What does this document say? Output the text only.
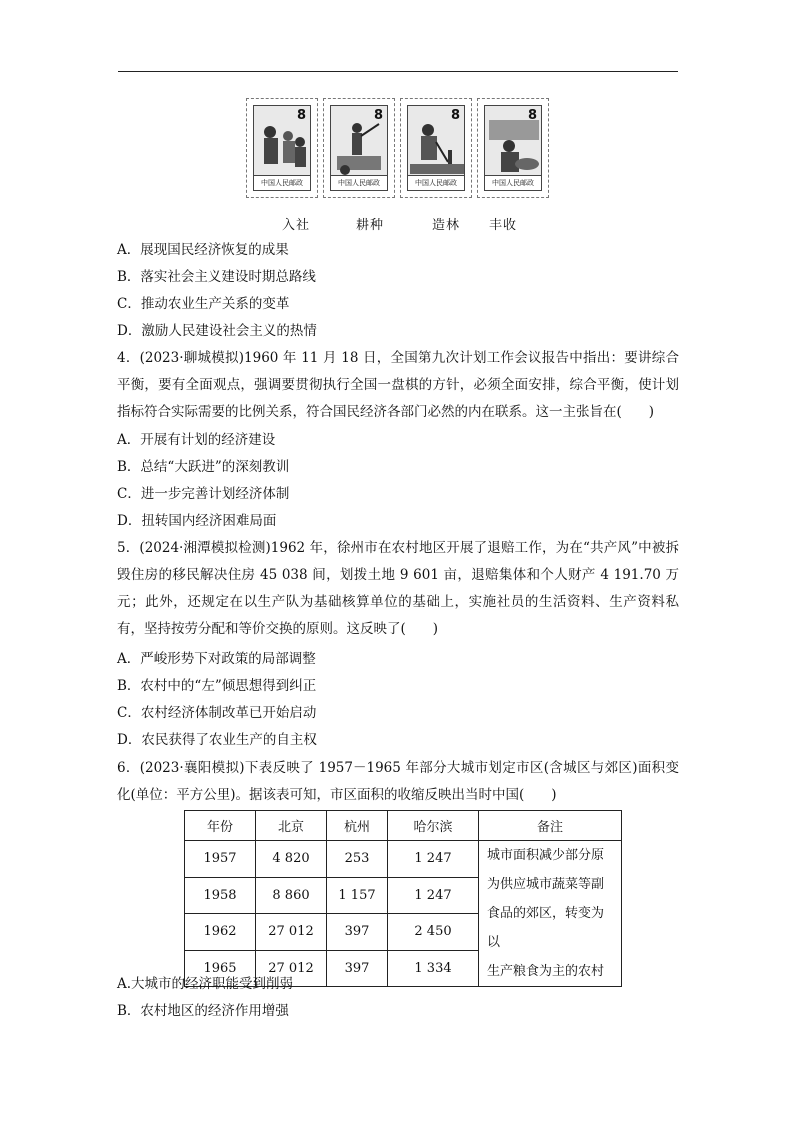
8
中国人民邮政
8
中国人民邮政
8
中国人民邮政
8
中国人民邮政
入社	耕种	造林 丰收
A．展现国民经济恢复的成果
B．落实社会主义建设时期总路线
C．推动农业生产关系的变革
D．激励人民建设社会主义的热情
4．(2023·聊城模拟)1960 年 11 月 18 日，全国第九次计划工作会议报告中指出：要讲综合平衡，要有全面观点，强调要贯彻执行全国一盘棋的方针，必须全面安排，综合平衡，使计划指标符合实际需要的比例关系，符合国民经济各部门必然的内在联系。这一主张旨在(　　)
A．开展有计划的经济建设
B．总结“大跃进”的深刻教训
C．进一步完善计划经济体制
D．扭转国内经济困难局面
5．(2024·湘潭模拟检测)1962 年，徐州市在农村地区开展了退赔工作，为在“共产风”中被拆毁住房的移民解决住房 45 038 间，划拨土地 9 601 亩，退赔集体和个人财产 4 191.70 万元；此外，还规定在以生产队为基础核算单位的基础上，实施社员的生活资料、生产资料私有，坚持按劳分配和等价交换的原则。这反映了(　　)
A．严峻形势下对政策的局部调整
B．农村中的“左”倾思想得到纠正
C．农村经济体制改革已开始启动
D．农民获得了农业生产的自主权
6．(2023·襄阳模拟)下表反映了 1957－1965 年部分大城市划定市区(含城区与郊区)面积变化(单位：平方公里)。据该表可知，市区面积的收缩反映出当时中国(　　)
年份	北京	杭州	哈尔滨	备注
1957	4 820	253	1 247	城市面积减少部分原
为供应城市蔬菜等副
食品的郊区，转变为以
生产粮食为主的农村

1958	8 860	1 157	1 247	
1962	27 012	397	2 450	
1965	27 012	397	1 334	
A.大城市的经济职能受到削弱
B．农村地区的经济作用增强
